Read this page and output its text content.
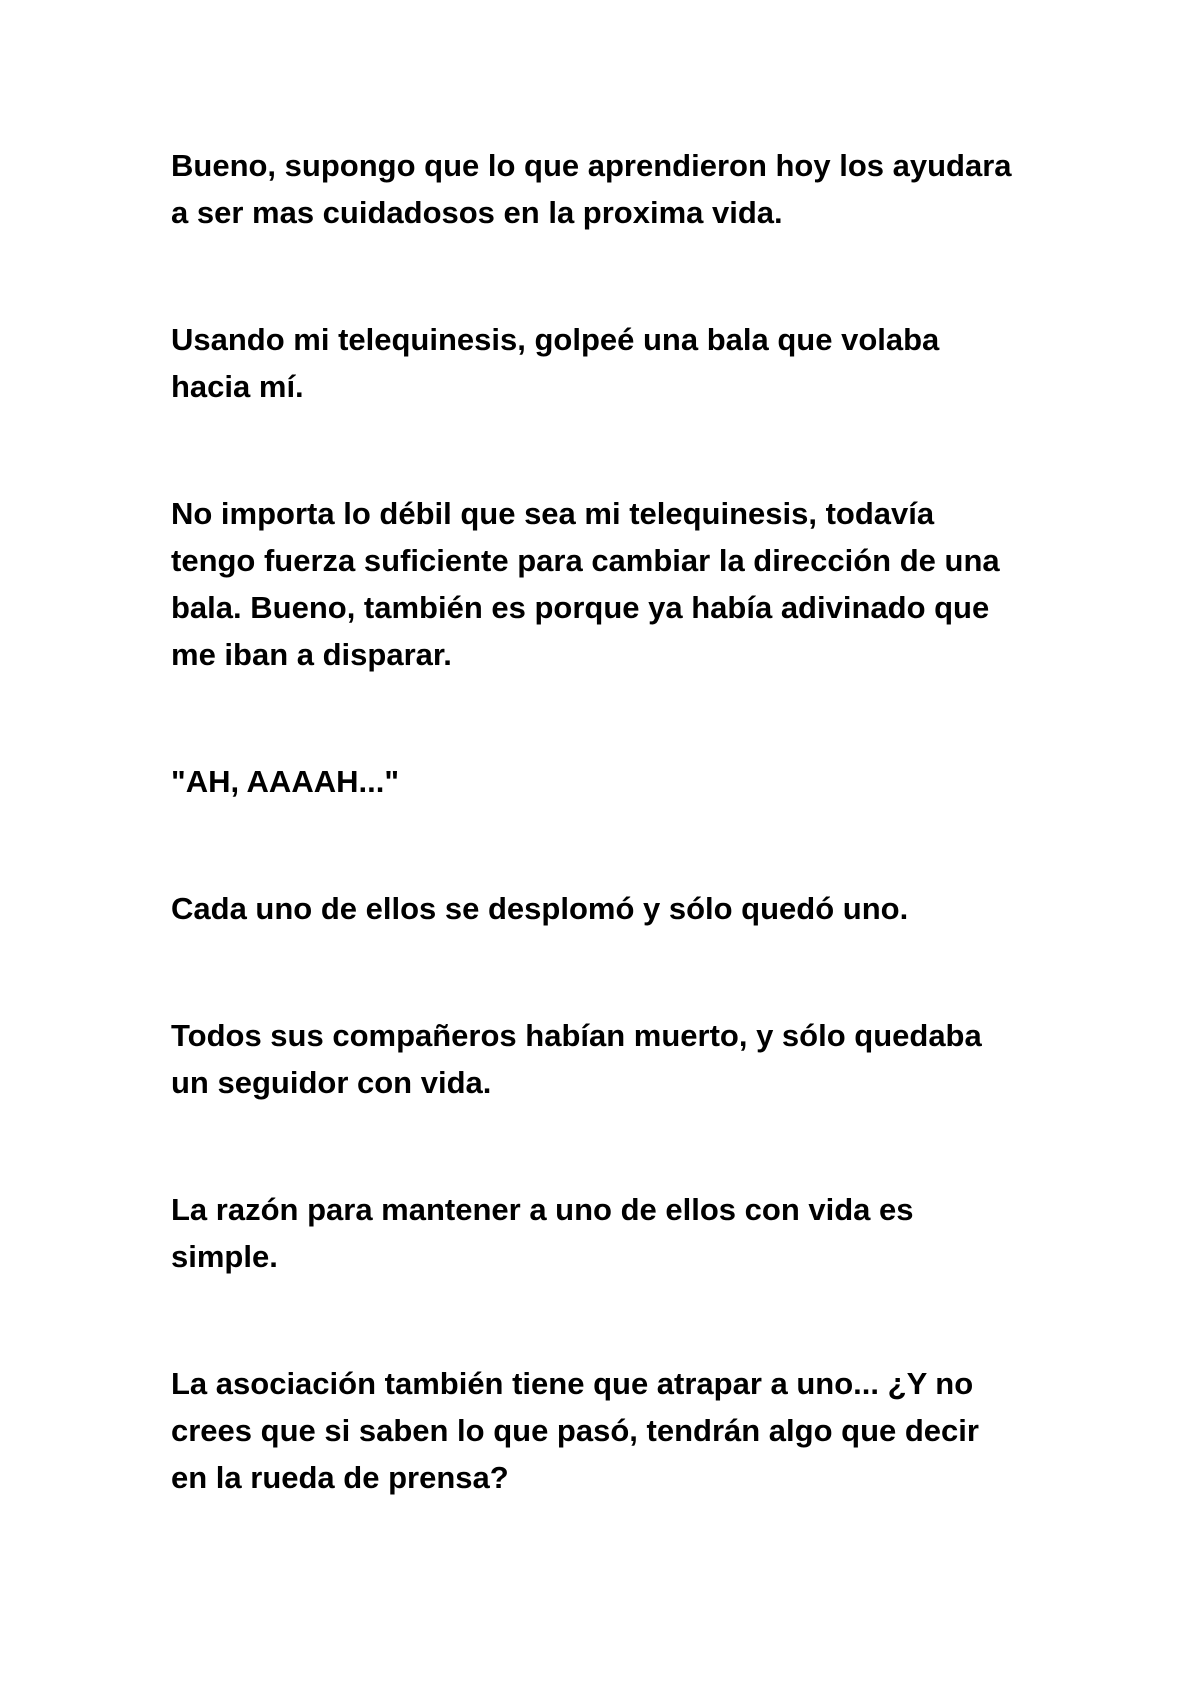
Bueno, supongo que lo que aprendieron hoy los ayudara
a ser mas cuidadosos en la proxima vida.

Usando mi telequinesis, golpeé una bala que volaba
hacia mí.

No importa lo débil que sea mi telequinesis, todavía
tengo fuerza suficiente para cambiar la dirección de una
bala. Bueno, también es porque ya había adivinado que
me iban a disparar.

"AH, AAAAH..."

Cada uno de ellos se desplomó y sólo quedó uno.

Todos sus compañeros habían muerto, y sólo quedaba
un seguidor con vida.

La razón para mantener a uno de ellos con vida es
simple.

La asociación también tiene que atrapar a uno... ¿Y no
crees que si saben lo que pasó, tendrán algo que decir
en la rueda de prensa?
